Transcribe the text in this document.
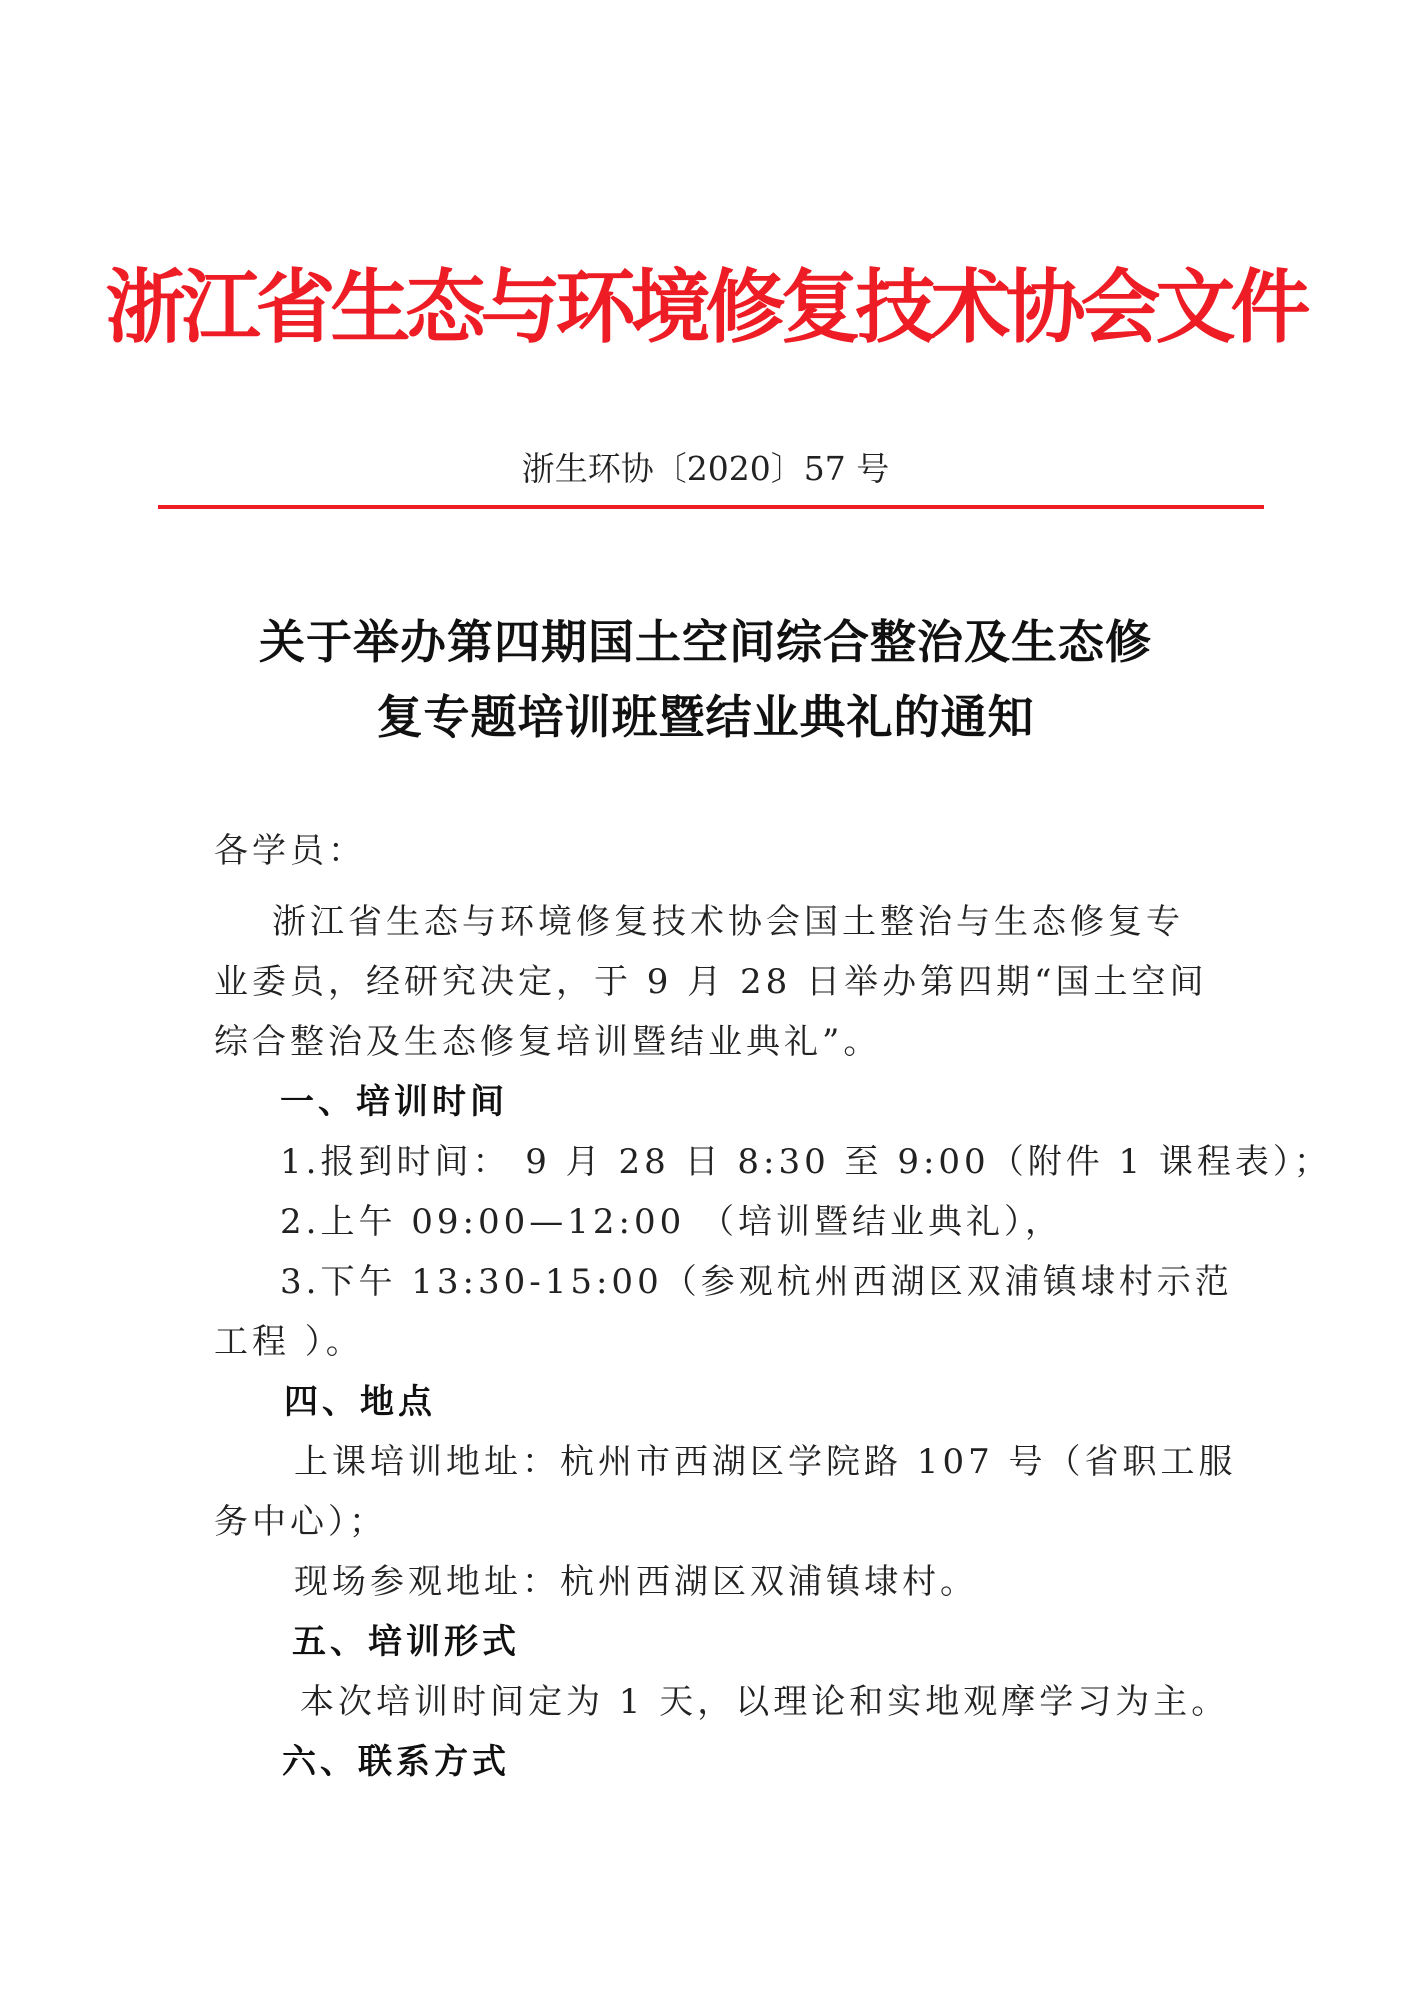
浙江省生态与环境修复技术协会文件
浙生环协〔2020〕57 号
关于举办第四期国土空间综合整治及生态修
复专题培训班暨结业典礼的通知

各学员：

浙江省生态与环境修复技术协会国土整治与生态修复专

业委员，经研究决定，于 9 月 28 日举办第四期“国土空间

综合整治及生态修复培训暨结业典礼”。

一、培训时间

1.报到时间： 9 月 28 日 8:30 至 9:00（附件 1 课程表）；

2.上午 09:00—12:00 （培训暨结业典礼），

3.下午 13:30-15:00（参观杭州西湖区双浦镇埭村示范

工程 ）。

四、地点

上课培训地址：杭州市西湖区学院路 107 号（省职工服

务中心）；

现场参观地址：杭州西湖区双浦镇埭村。

五、培训形式

本次培训时间定为 1 天，以理论和实地观摩学习为主。

六、联系方式
